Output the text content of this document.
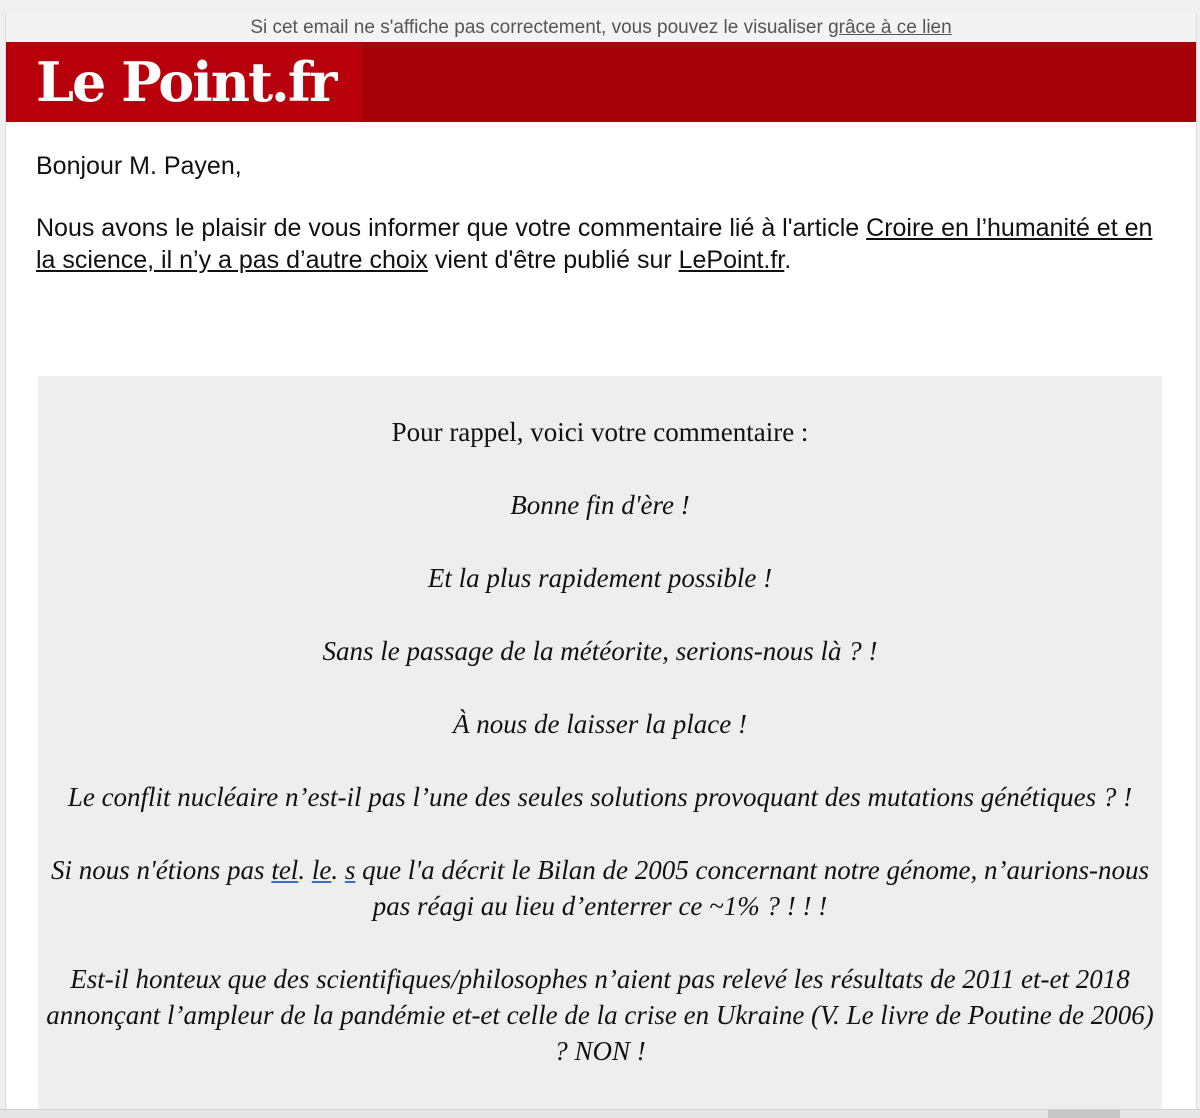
Si cet email ne s'affiche pas correctement, vous pouvez le visualiser grâce à ce lien
Le Point.fr

Bonjour M. Payen,

Nous avons le plaisir de vous informer que votre commentaire lié à l'article Croire en l’humanité et en la science, il n’y a pas d’autre choix vient d'être publié sur LePoint.fr.

Pour rappel, voici votre commentaire :

Bonne fin d'ère !

Et la plus rapidement possible !

Sans le passage de la météorite, serions-nous là ? !

À nous de laisser la place !

Le conflit nucléaire n’est-il pas l’une des seules solutions provoquant des mutations génétiques ? !

Si nous n'étions pas tel. le. s que l'a décrit le Bilan de 2005 concernant notre génome, n’aurions-nous pas réagi au lieu d’enterrer ce ~1% ? ! ! !

Est-il honteux que des scientifiques/philosophes n’aient pas relevé les résultats de 2011 et-et 2018 annonçant l’ampleur de la pandémie et-et celle de la crise en Ukraine (V. Le livre de Poutine de 2006) ? NON !
